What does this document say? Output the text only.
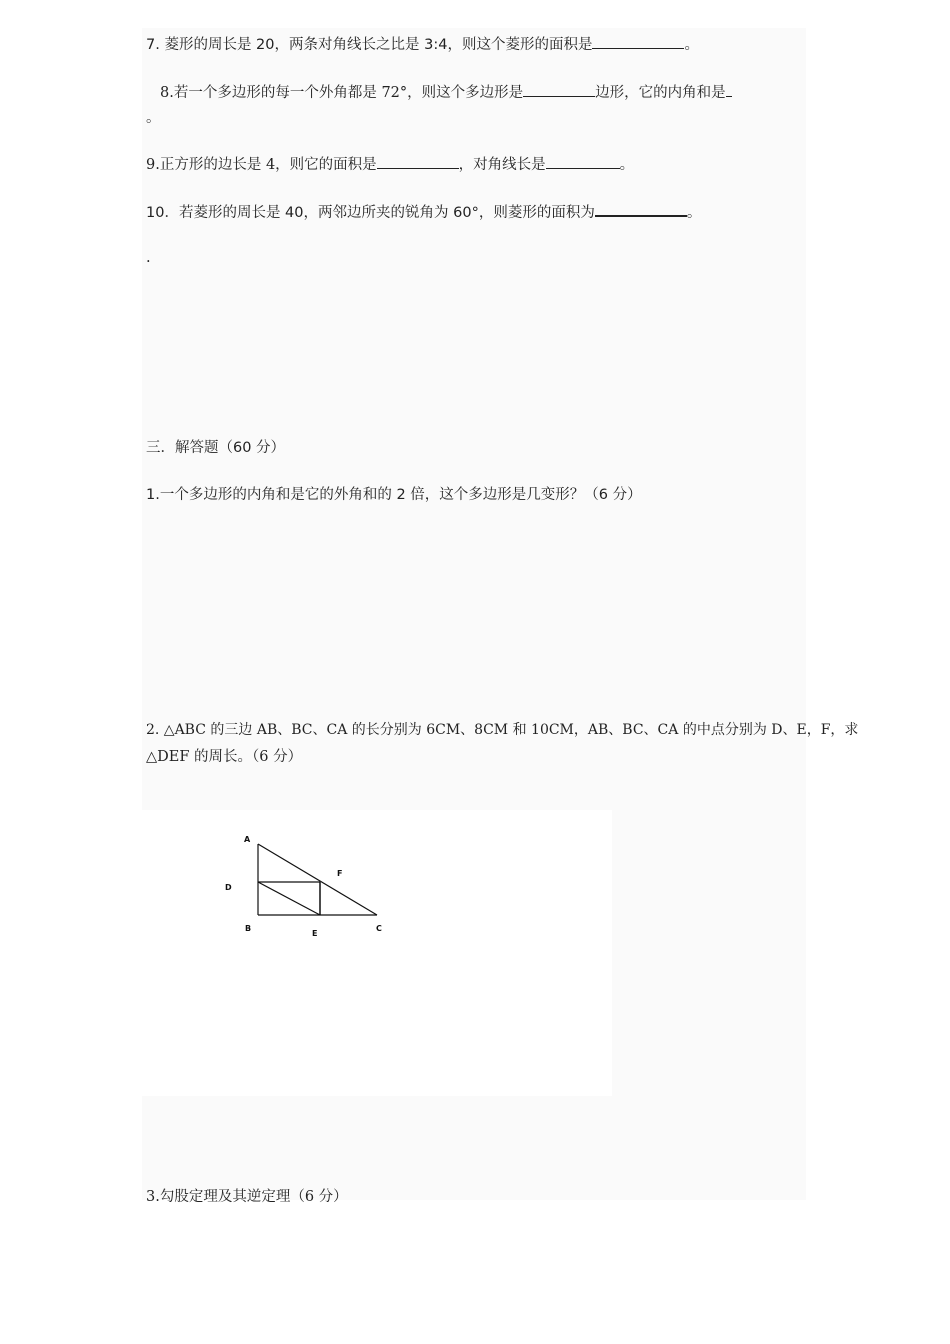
7. 菱形的周长是 20，两条对角线长之比是 3:4，则这个菱形的面积是	。
8.若一个多边形的每一个外角都是 72°，则这个多边形是	边形，它的内角和是
。
9.正方形的边长是 4，则它的面积是	，对角线长是	。
10．若菱形的周长是 40，两邻边所夹的锐角为 60°，则菱形的面积为	。
.
三．解答题（60 分）
1.一个多边形的内角和是它的外角和的 2 倍，这个多边形是几变形？（6 分）
2. △ABC 的三边 AB、BC、CA 的长分别为 6CM、8CM 和 10CM，AB、BC、CA 的中点分别为 D、E，F，求
△DEF 的周长。（6 分）
A
F
D
B
E
C
3.勾股定理及其逆定理（6 分）
